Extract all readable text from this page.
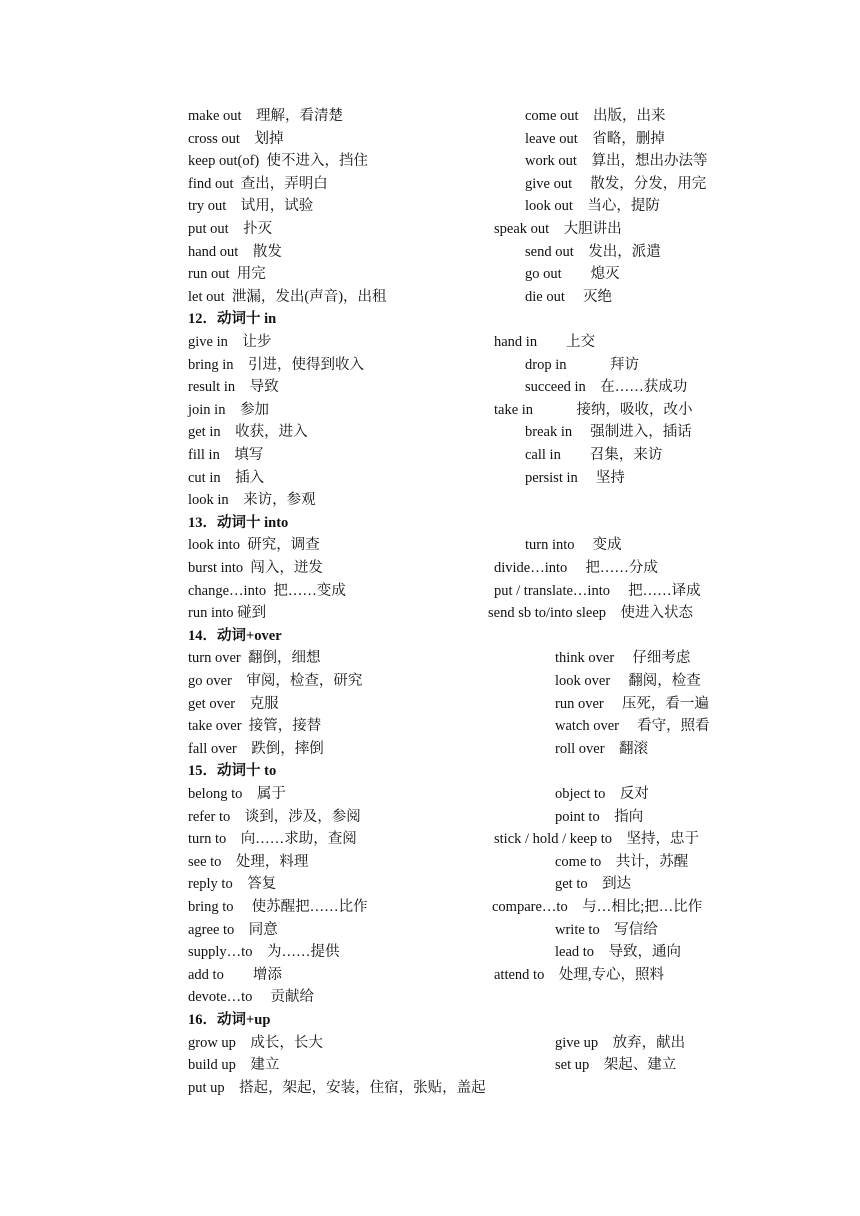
make out　理解，看清楚	come out　出版，出来
cross out　划掉	leave out　省略，删掉
keep out(of)  使不进入，挡住	work out　算出，想出办法等
find out  查出，弄明白	give out　 散发，分发，用完
try out　试用，试验	look out　当心，提防
put out　扑灭	speak out　大胆讲出
hand out　散发	send out　发出，派遣
run out  用完	go out　　熄灭
let out  泄漏，发出(声音)，出租	die out　 灭绝
12．动词十 in
give in　让步	hand in　　上交
bring in　引进，使得到收入	drop in　　　拜访
result in　导致	succeed in　在……获成功
join in　参加	take in　　　接纳，吸收，改小
get in　收获，进入	break in　 强制进入，插话
fill in　填写	call in　　召集，来访
cut in　插入	persist in　 坚持
look in　来访，参观
13．动词十 into
look into  研究，调查	turn into　 变成
burst into  闯入，迸发	divide…into　 把……分成
change…into  把……变成	put / translate…into　 把……译成
run into 碰到	send sb to/into sleep　使进入状态
14．动词+over
turn over  翻倒，细想	think over　 仔细考虑
go over　审阅，检查，研究	look over　 翻阅，检查
get over　克服	run over　 压死，看一遍
take over  接管，接替	watch over　 看守，照看
fall over　跌倒，摔倒	roll over　翻滚
15．动词十 to
belong to　属于	object to　反对
refer to　谈到，涉及，参阅	point to　指向
turn to　向……求助，查阅	stick / hold / keep to　坚持，忠于
see to　处理，料理	come to　共计，苏醒
reply to　答复	get to　到达
bring to　 使苏醒把……比作	compare…to　与…相比;把…比作
agree to　同意	write to　写信给
supply…to　为……提供	lead to　导致，通向
add to　　增添	attend to　处理,专心，照料
devote…to　 贡献给
16．动词+up
grow up　成长，长大	give up　放弃，献出
build up　建立	set up　架起、建立
put up　搭起，架起，安装，住宿，张贴，盖起
